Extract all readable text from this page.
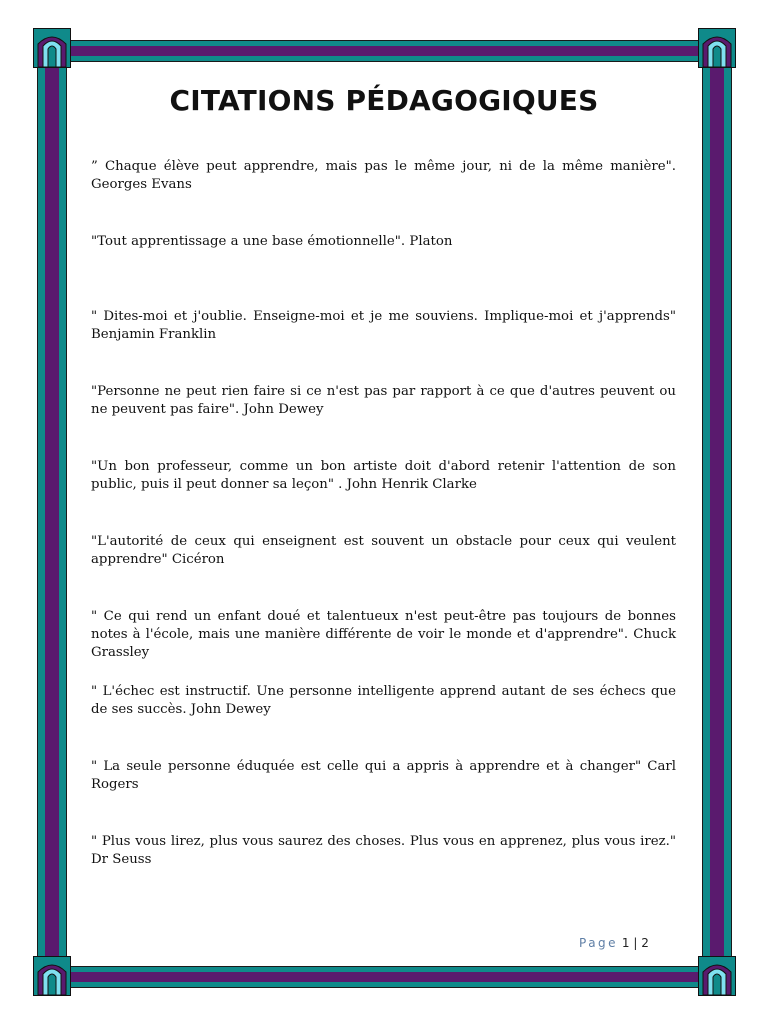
CITATIONS PÉDAGOGIQUES

” Chaque élève peut apprendre, mais pas le même jour, ni de la même manière". Georges Evans

"Tout apprentissage a une base émotionnelle". Platon

" Dites-moi et j'oublie. Enseigne-moi et je me souviens. Implique-moi et j'apprends" Benjamin Franklin

"Personne ne peut rien faire si ce n'est pas par rapport à ce que d'autres peuvent ou ne peuvent pas faire". John Dewey

"Un bon professeur, comme un bon artiste doit d'abord retenir l'attention de son public, puis il peut donner sa leçon" . John Henrik Clarke

"L'autorité de ceux qui enseignent est souvent un obstacle pour ceux qui veulent apprendre" Cicéron

" Ce qui rend un enfant doué et talentueux n'est peut-être pas toujours de bonnes notes à l'école, mais une manière différente de voir le monde et d'apprendre". Chuck Grassley

" L'échec est instructif. Une personne intelligente apprend autant de ses échecs que de ses succès. John Dewey

" La seule personne éduquée est celle qui a appris à apprendre et à changer" Carl Rogers

" Plus vous lirez, plus vous saurez des choses. Plus vous en apprenez, plus vous irez." Dr Seuss

Page 1 | 2
